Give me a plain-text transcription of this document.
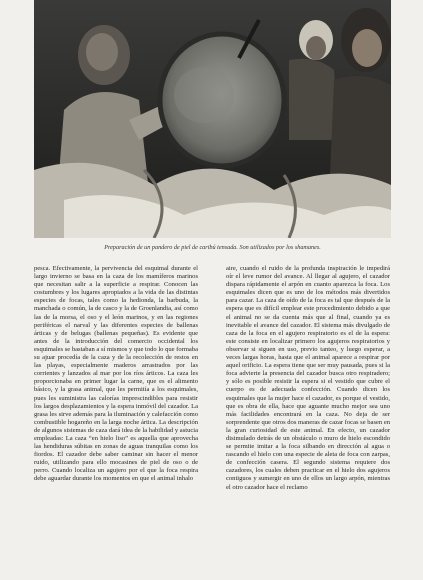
Preparación de un pandero de piel de caribú tensada. Son utilizados por los shamanes.

pesca. Efectivamente, la pervivencia del esquimal durante el largo invierno se basa en la caza de los mamíferos marinos que necesitan salir a la superficie a respirar. Conocen las costumbres y los lugares apropiados a la vida de las distintas especies de focas, tales como la hedionda, la barbuda, la manchada o común, la de casco y la de Groenlandia, así como las de la morsa, el oso y el león marinos, y en las regiones periféricas el narval y las diferentes especies de ballenas árticas y de belugas (ballenas pequeñas). Es evidente que antes de la introducción del comercio occidental los esquimales se bastaban a sí mismos y que todo lo que formaba su ajuar procedía de la caza y de la recolección de restos en las playas, especialmente maderos arrastrados por las corrientes y lanzados al mar por los ríos árticos. La caza les proporcionaba en primer lugar la carne, que es el alimento básico, y la grasa animal, que les permitía a los esquimales, pues les suministra las calorías imprescindibles para resistir los largos desplazamientos y la espera inmóvil del cazador. La grasa les sirve además para la iluminación y calefacción como combustible hogareño en la larga noche ártica. La descripción de algunos sistemas de caza dará idea de la habilidad y astucia empleadas: La caza “en hielo liso” es aquella que aprovecha las hendiduras súbitas en zonas de aguas tranquilas como los fiordos. El cazador debe saber caminar sin hacer el menor ruido, utilizando para ello mocasines de piel de oso o de perro. Cuando localiza un agujero por el que la foca respira debe aguardar durante los momentos en que el animal inhalo

aire, cuando el ruido de la profunda inspiración le impedirá oír el leve rumor del avance. Al llegar al agujero, el cazador dispara rápidamente el arpón en cuanto aparezca la foca. Los esquimales dicen que es uno de los métodos más divertidos para cazar. La caza de oído de la foca es tal que después de la espera que es difícil emplear este procedimiento debido a que el animal no se da cuenta más que al final, cuando ya es inevitable el avance del cazador. El sistema más divulgado de caza de la foca en el agujero respiratorio es el de la espera: este consiste en localizar primero los agujeros respiratorios y observar si siguen en uso, previo tanteo, y luego esperar, a veces largas horas, hasta que el animal aparece a respirar por aquel orificio. La espera tiene que ser muy pausada, pues si la foca advierte la presencia del cazador busca otro respiradero; y sólo es posible resistir la espera si el vestido que cubre el cuerpo es de adecuada confección. Cuando dicen los esquimales que la mujer hace el cazador, es porque el vestido, que es obra de ella, hace que aguante mucho mejor sea uno más facilidades encontrará en la caza. No deja de ser sorprendente que otros dos maneras de cazar focas se basen en la gran curiosidad de este animal. En efecto, un cazador disimulado detrás de un obstáculo o muro de hielo escondido se permite imitar a la foca silbando en dirección al agua o rascando el hielo con una especie de aleta de foca con zarpas, de confección casera. El segundo sistema requiere dos cazadores, los cuales deben practicar en el hielo dos agujeros contiguos y sumergir en uno de ellos un largo arpón, mientras el otro cazador hace el reclamo
